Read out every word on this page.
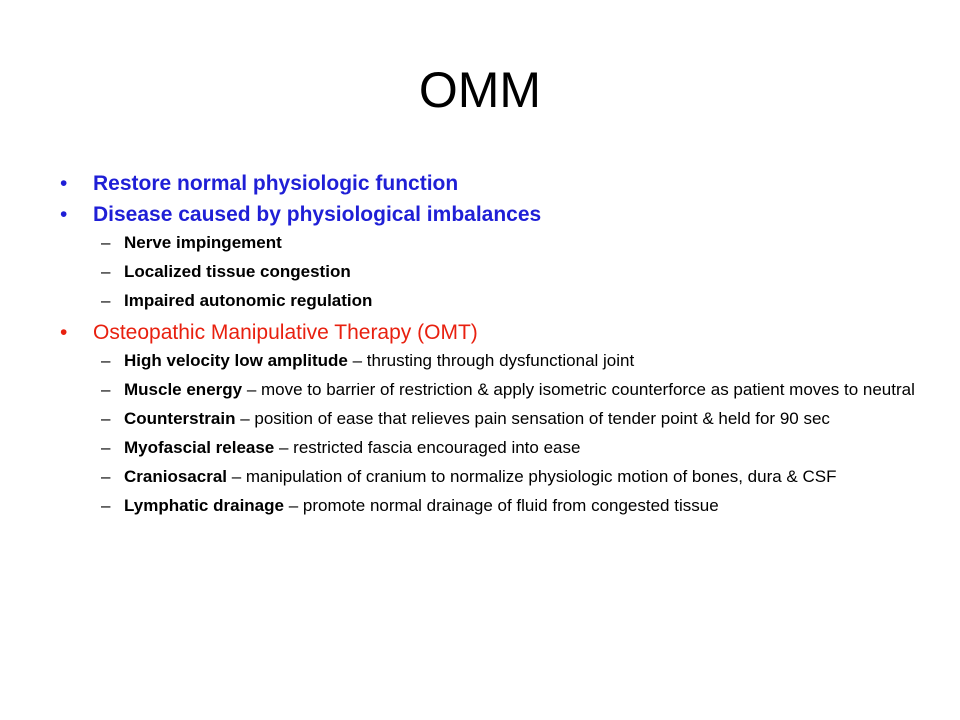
OMM
• Restore normal physiologic function
• Disease caused by physiological imbalances
– Nerve impingement
– Localized tissue congestion
– Impaired autonomic regulation
• Osteopathic Manipulative Therapy (OMT)
– High velocity low amplitude – thrusting through dysfunctional joint
– Muscle energy – move to barrier of restriction & apply isometric counterforce as patient moves to neutral
– Counterstrain – position of ease that relieves pain sensation of tender point & held for 90 sec
– Myofascial release – restricted fascia encouraged into ease
– Craniosacral – manipulation of cranium to normalize physiologic motion of bones, dura & CSF
– Lymphatic drainage – promote normal drainage of fluid from congested tissue
